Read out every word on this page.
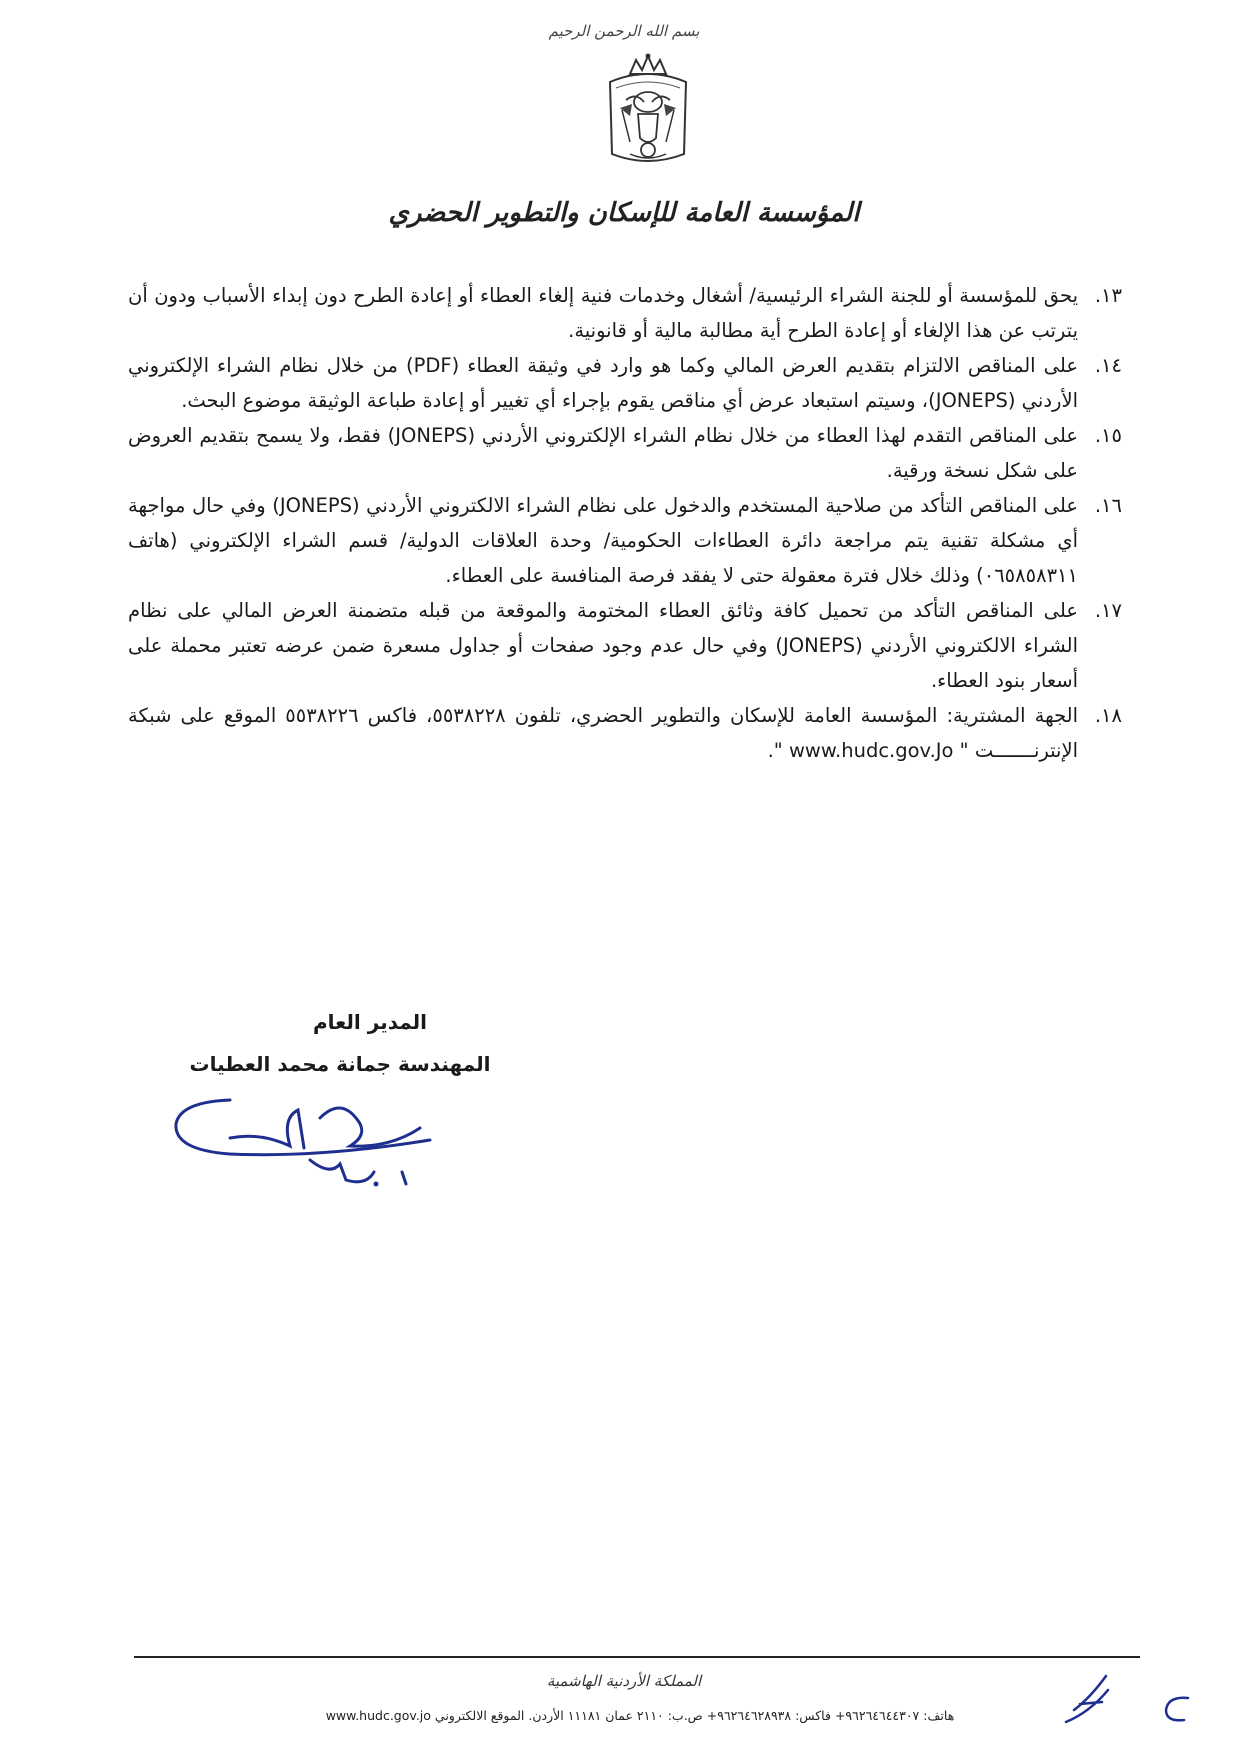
بسم الله الرحمن الرحيم
المؤسسة العامة للإسكان والتطوير الحضري
١٣.
يحق للمؤسسة أو للجنة الشراء الرئيسية/ أشغال وخدمات فنية إلغاء العطاء أو إعادة الطرح دون إبداء الأسباب ودون أن يترتب عن هذا الإلغاء أو إعادة الطرح أية مطالبة مالية أو قانونية.
١٤.
على المناقص الالتزام بتقديم العرض المالي وكما هو وارد في وثيقة العطاء (PDF) من خلال نظام الشراء الإلكتروني الأردني (JONEPS)، وسيتم استبعاد عرض أي مناقص يقوم بإجراء أي تغيير أو إعادة طباعة الوثيقة موضوع البحث.
١٥.
على المناقص التقدم لهذا العطاء من خلال نظام الشراء الإلكتروني الأردني (JONEPS) فقط، ولا يسمح بتقديم العروض على شكل نسخة ورقية.
١٦.
على المناقص التأكد من صلاحية المستخدم والدخول على نظام الشراء الالكتروني الأردني (JONEPS) وفي حال مواجهة أي مشكلة تقنية يتم مراجعة دائرة العطاءات الحكومية/ وحدة العلاقات الدولية/ قسم الشراء الإلكتروني (هاتف ٠٦٥٨٥٨٣١١) وذلك خلال فترة معقولة حتى لا يفقد فرصة المنافسة على العطاء.
١٧.
على المناقص التأكد من تحميل كافة وثائق العطاء المختومة والموقعة من قبله متضمنة العرض المالي على نظام الشراء الالكتروني الأردني (JONEPS) وفي حال عدم وجود صفحات أو جداول مسعرة ضمن عرضه تعتبر محملة على أسعار بنود العطاء.
١٨.
الجهة المشترية: المؤسسة العامة للإسكان والتطوير الحضري، تلفون ٥٥٣٨٢٢٨، فاكس ٥٥٣٨٢٢٦ الموقع على شبكة الإنترنـــــــت " www.hudc.gov.Jo ".
المدير العام
المهندسة جمانة محمد العطيات
المملكة الأردنية الهاشمية
هاتف: ٩٦٢٦٤٦٤٤٣٠٧+ فاكس: ٩٦٢٦٤٦٢٨٩٣٨+ ص.ب: ٢١١٠ عمان ١١١٨١ الأردن. الموقع الالكتروني www.hudc.gov.jo
